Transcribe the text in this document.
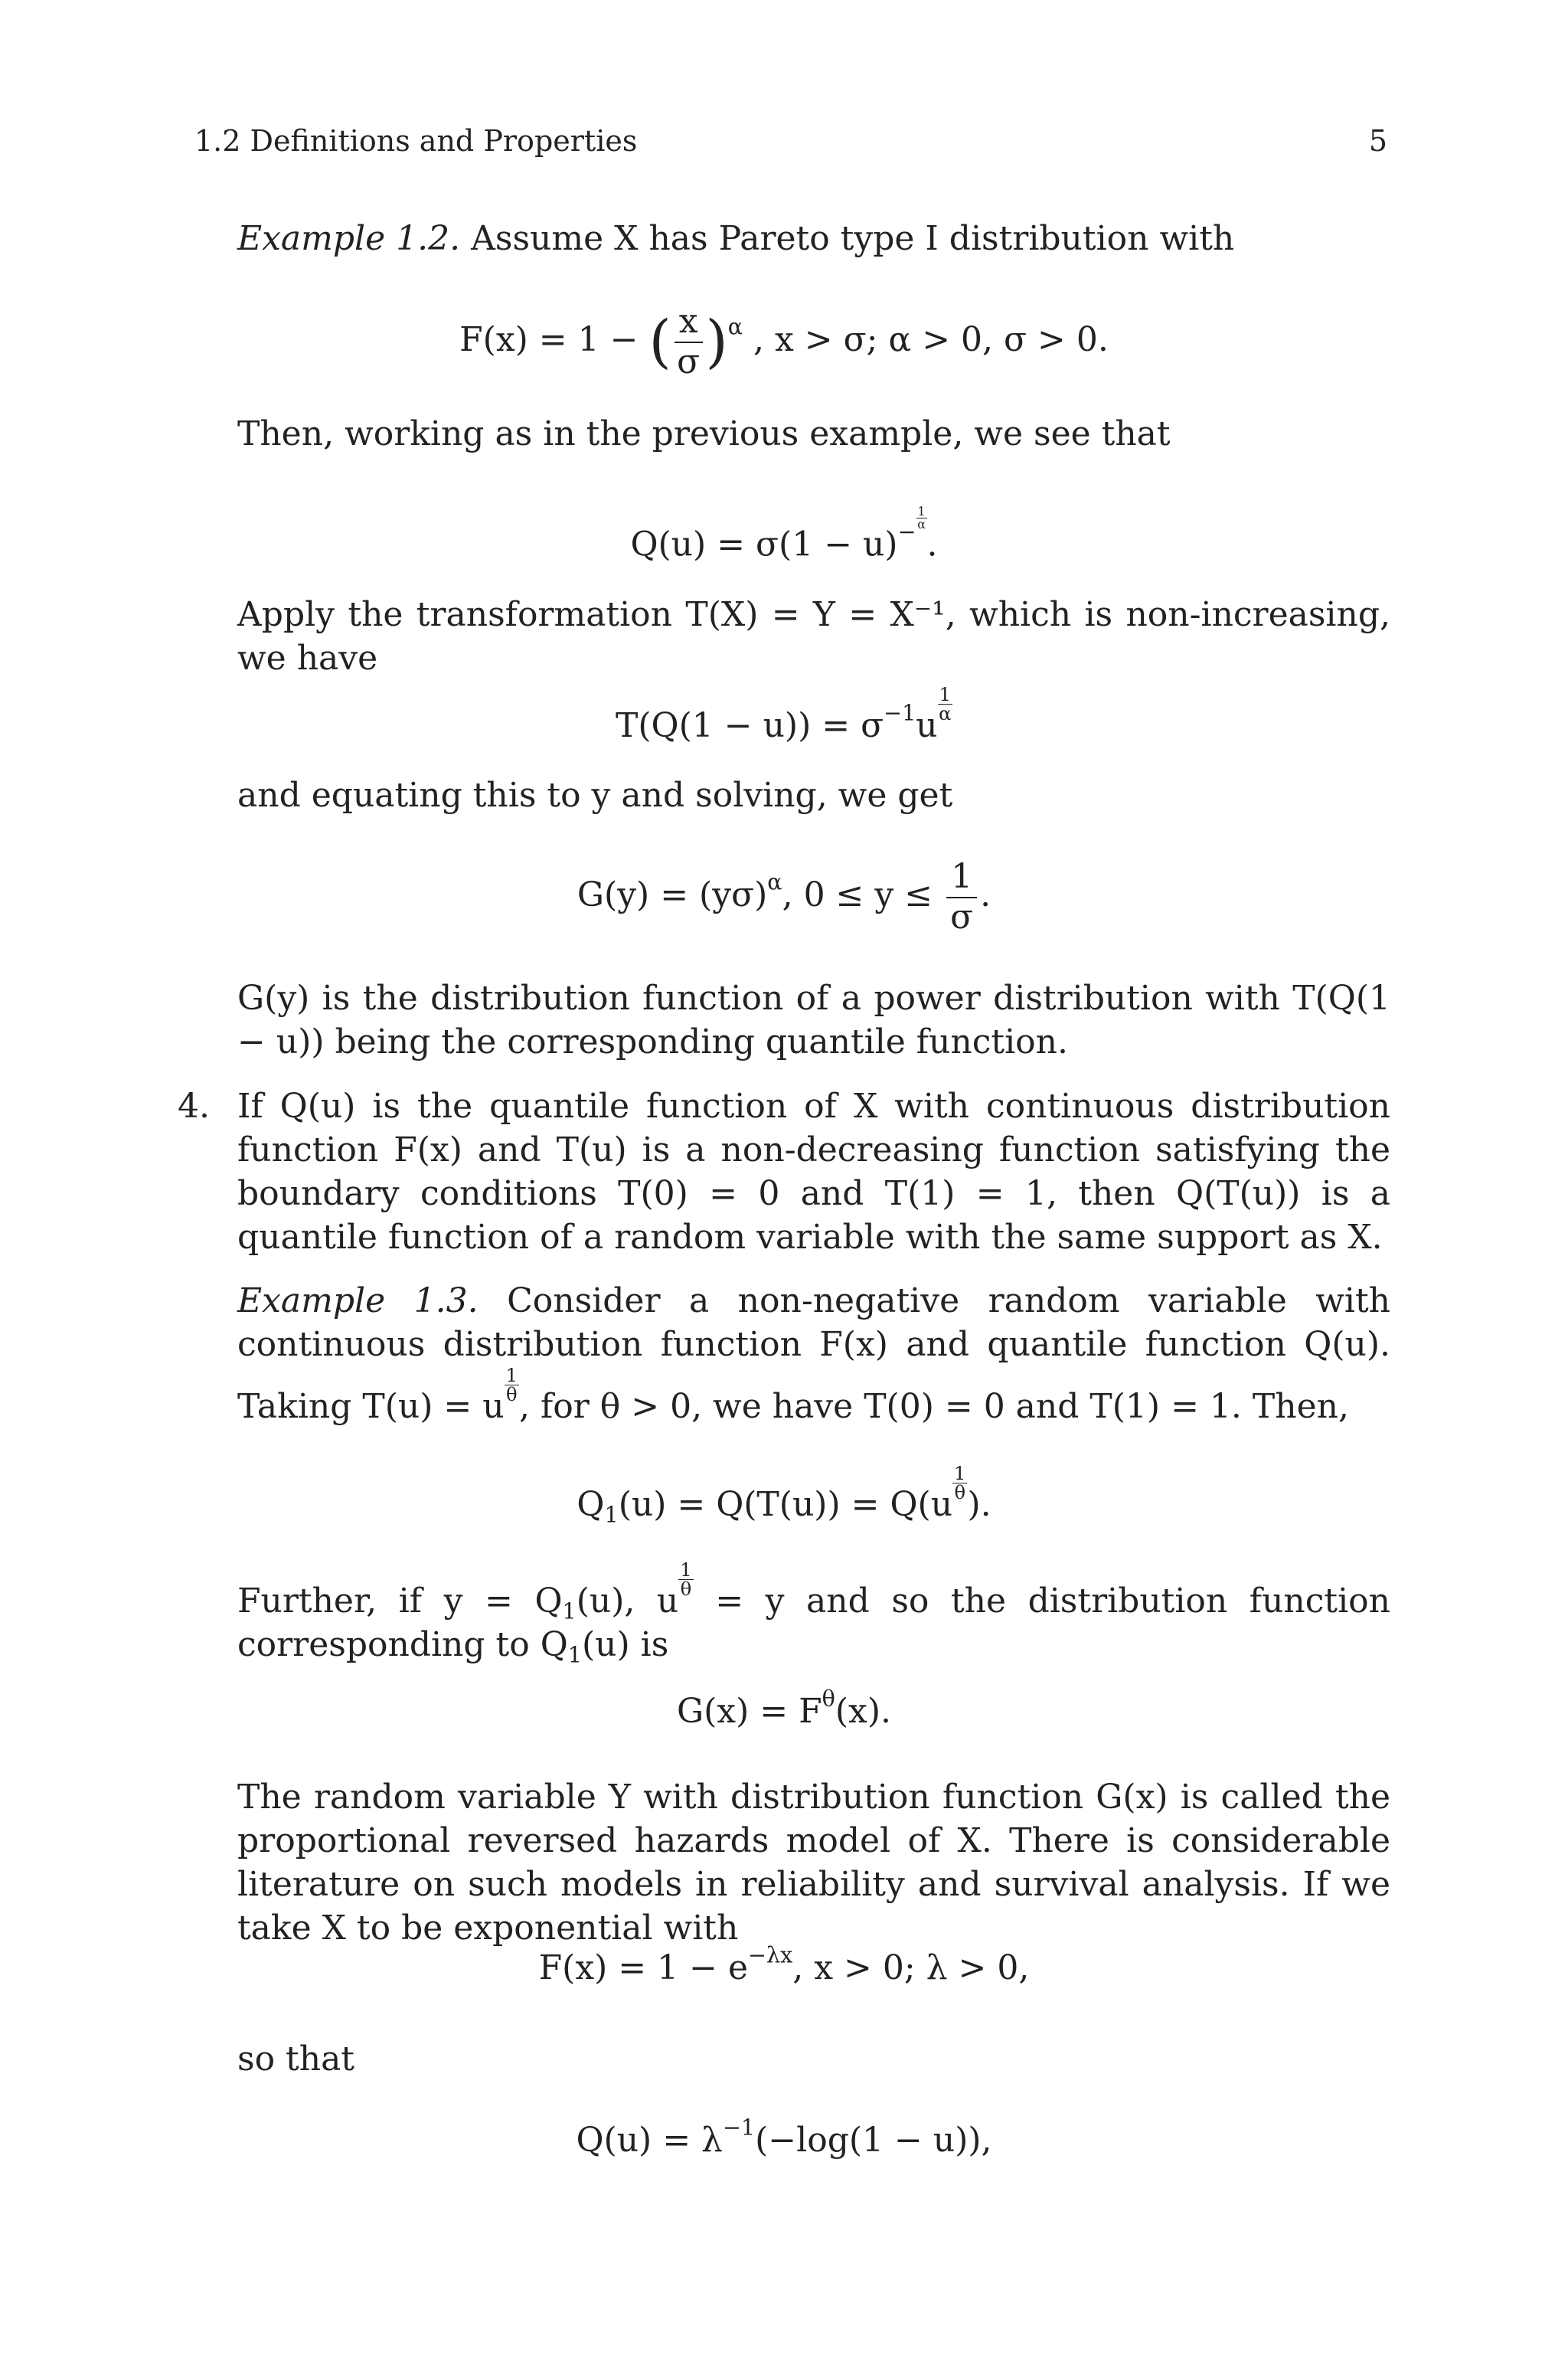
1.2 Definitions and Properties	5
Example 1.2. Assume X has Pareto type I distribution with
F(x) = 1 − ( $\frac{x}{\sigma} )^\alpha$ , x > σ; α > 0, σ > 0.
Then, working as in the previous example, we see that
$Q(u) = \sigma(1 - u)^{- \frac{1}{\alpha}}$
.
Apply the transformation T(X) = Y = X⁻¹, which is non-increasing, we have
$T(Q(1 - u)) = \sigma^{-1}u$
$\frac{1}{\alpha}$
and equating this to y and solving, we get
$G(y) = (y\sigma)^\alpha$, $0 \le y \le \frac{1}{\sigma}$ .
G(y) is the distribution function of a power distribution with T(Q(1 − u)) being the corresponding quantile function.
4. If Q(u) is the quantile function of X with continuous distribution function F(x) and T(u) is a non-decreasing function satisfying the boundary conditions T(0) = 0 and T(1) = 1, then Q(T(u)) is a quantile function of a random variable with the same support as X.
Example 1.3. Consider a non-negative random variable with continuous distribution function F(x) and quantile function Q(u). Taking T(u) = u
$\frac{1}{\theta}$
, for θ > 0, we have T(0) = 0 and T(1) = 1. Then,
$Q_1(u) = Q(T(u)) = Q(u$
$\frac{1}{\theta}$
).
Further, if $y = Q_1(u)$, u
$\frac{1}{\theta}$
= y and so the distribution function corresponding to $Q_1(u)$ is
$G(x) = F^\theta(x)$.
The random variable Y with distribution function G(x) is called the proportional reversed hazards model of X. There is considerable literature on such models in reliability and survival analysis. If we take X to be exponential with
$F(x) = 1 - e^{-\lambda x}$, x > 0; λ > 0,
so that
$Q(u) = \lambda^{-1}(-\log(1 - u))$,
